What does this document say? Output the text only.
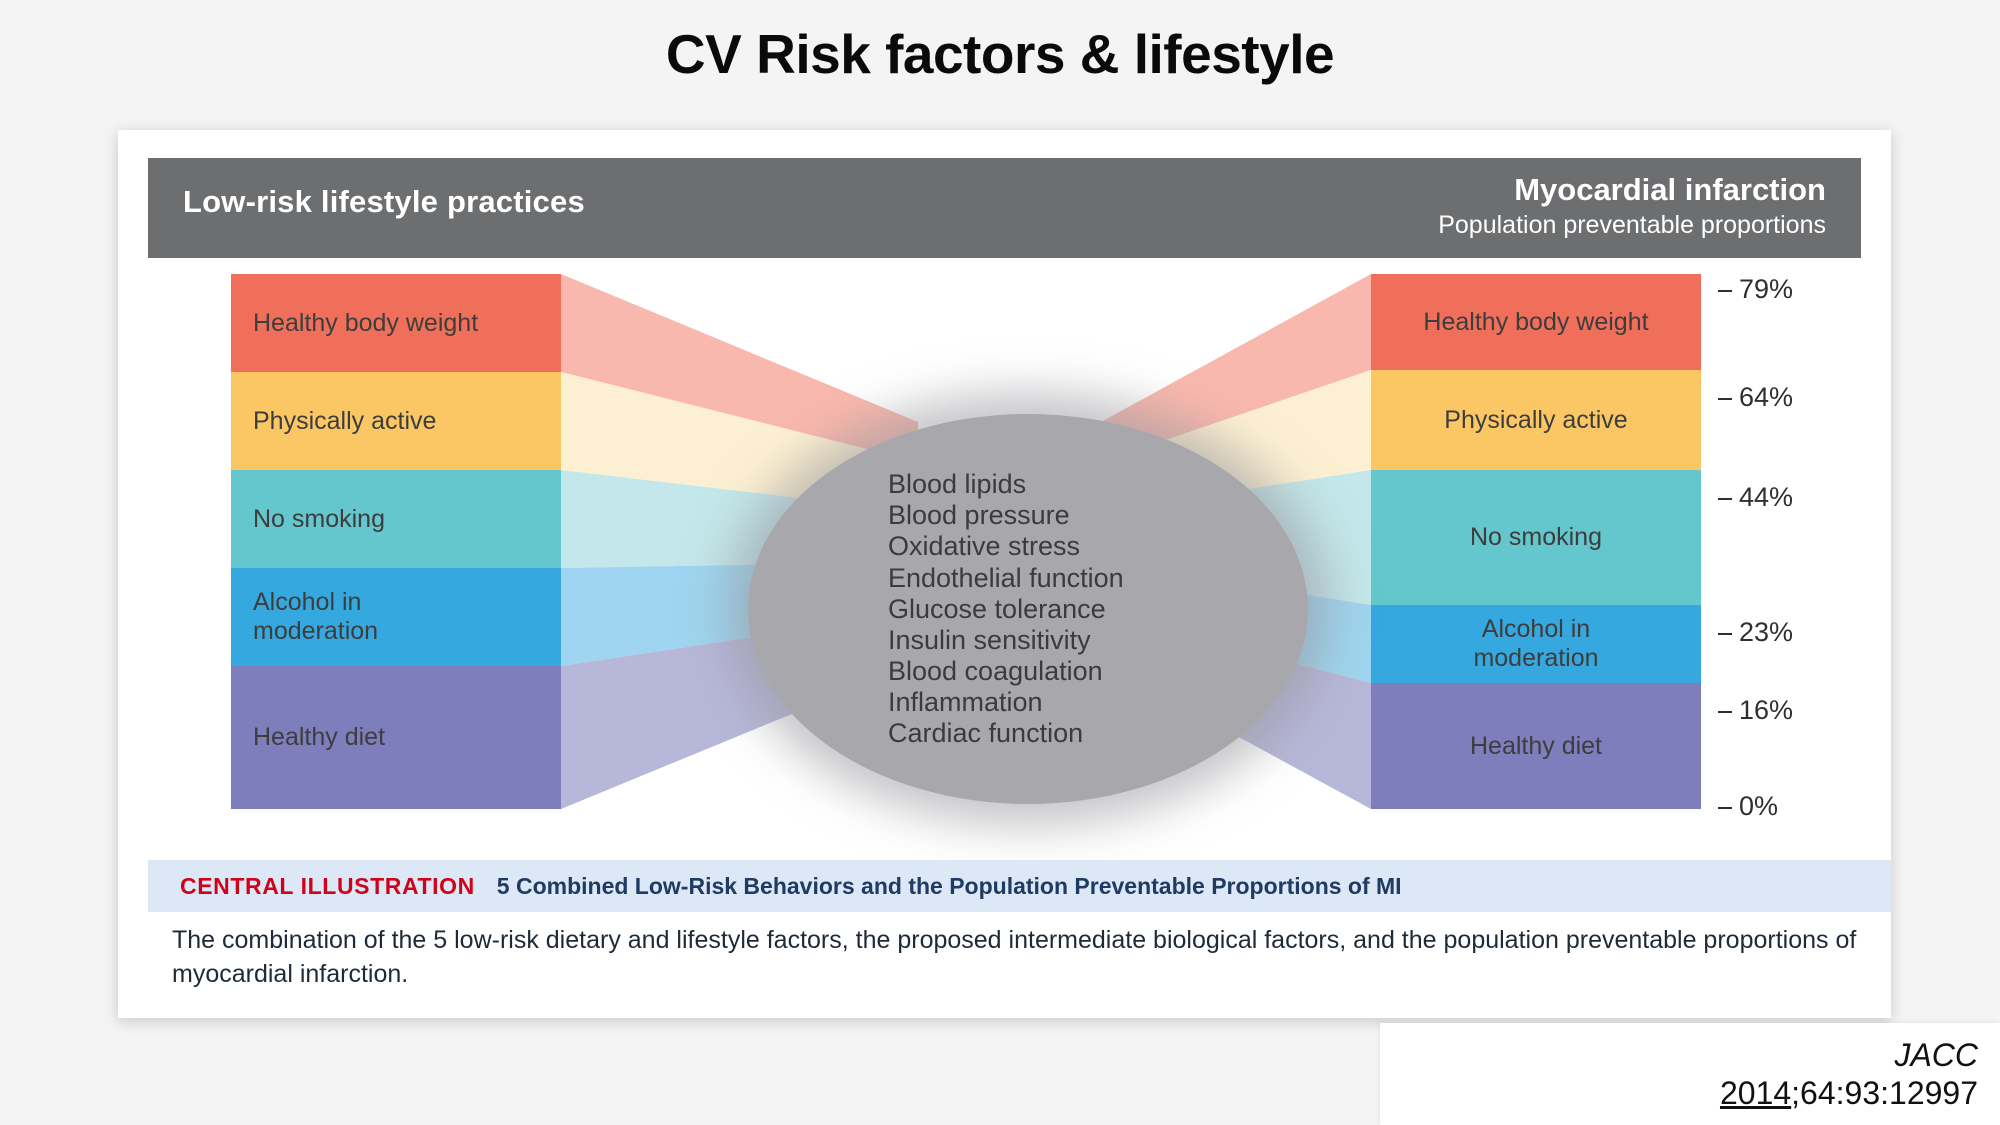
CV Risk factors & lifestyle
Low-risk lifestyle practices	Myocardial infarction
Population preventable proportions
Healthy body weight
Physically active
No smoking
Alcohol in moderation
Healthy diet
Healthy body weight
Physically active
No smoking
Alcohol in moderation
Healthy diet
Blood lipids
Blood pressure
Oxidative stress
Endothelial function
Glucose tolerance
Insulin sensitivity
Blood coagulation
Inflammation
Cardiac function
79%
64%
44%
23%
16%
0%
CENTRAL ILLUSTRATION 5 Combined Low-Risk Behaviors and the Population Preventable Proportions of MI
The combination of the 5 low-risk dietary and lifestyle factors, the proposed intermediate biological factors, and the population preventable proportions of myocardial infarction.
JACC
2014;64:93:12997
